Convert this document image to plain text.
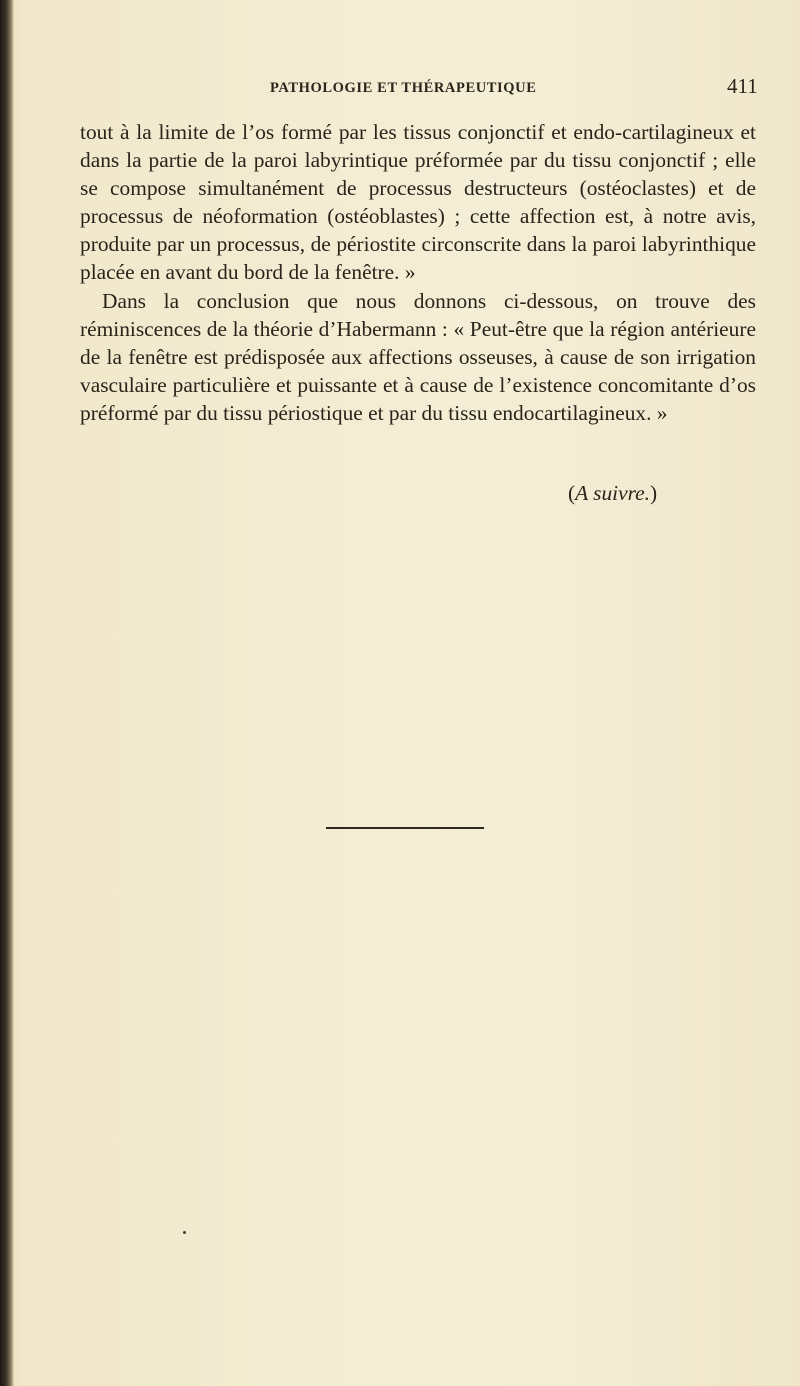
PATHOLOGIE ET THÉRAPEUTIQUE	411

tout à la limite de l’os formé par les tissus conjonctif et endo-cartilagineux et dans la partie de la paroi labyrintique préformée par du tissu conjonctif ; elle se compose simultanément de processus destructeurs (ostéoclastes) et de processus de néoformation (ostéoblastes) ; cette affection est, à notre avis, produite par un processus, de périostite circonscrite dans la paroi labyrinthique placée en avant du bord de la fenêtre. »

Dans la conclusion que nous donnons ci-dessous, on trouve des réminiscences de la théorie d’Habermann : « Peut-être que la région antérieure de la fenêtre est prédisposée aux affections osseuses, à cause de son irrigation vasculaire particulière et puissante et à cause de l’existence concomitante d’os préformé par du tissu périostique et par du tissu endocartilagineux. »

(A suivre.)
